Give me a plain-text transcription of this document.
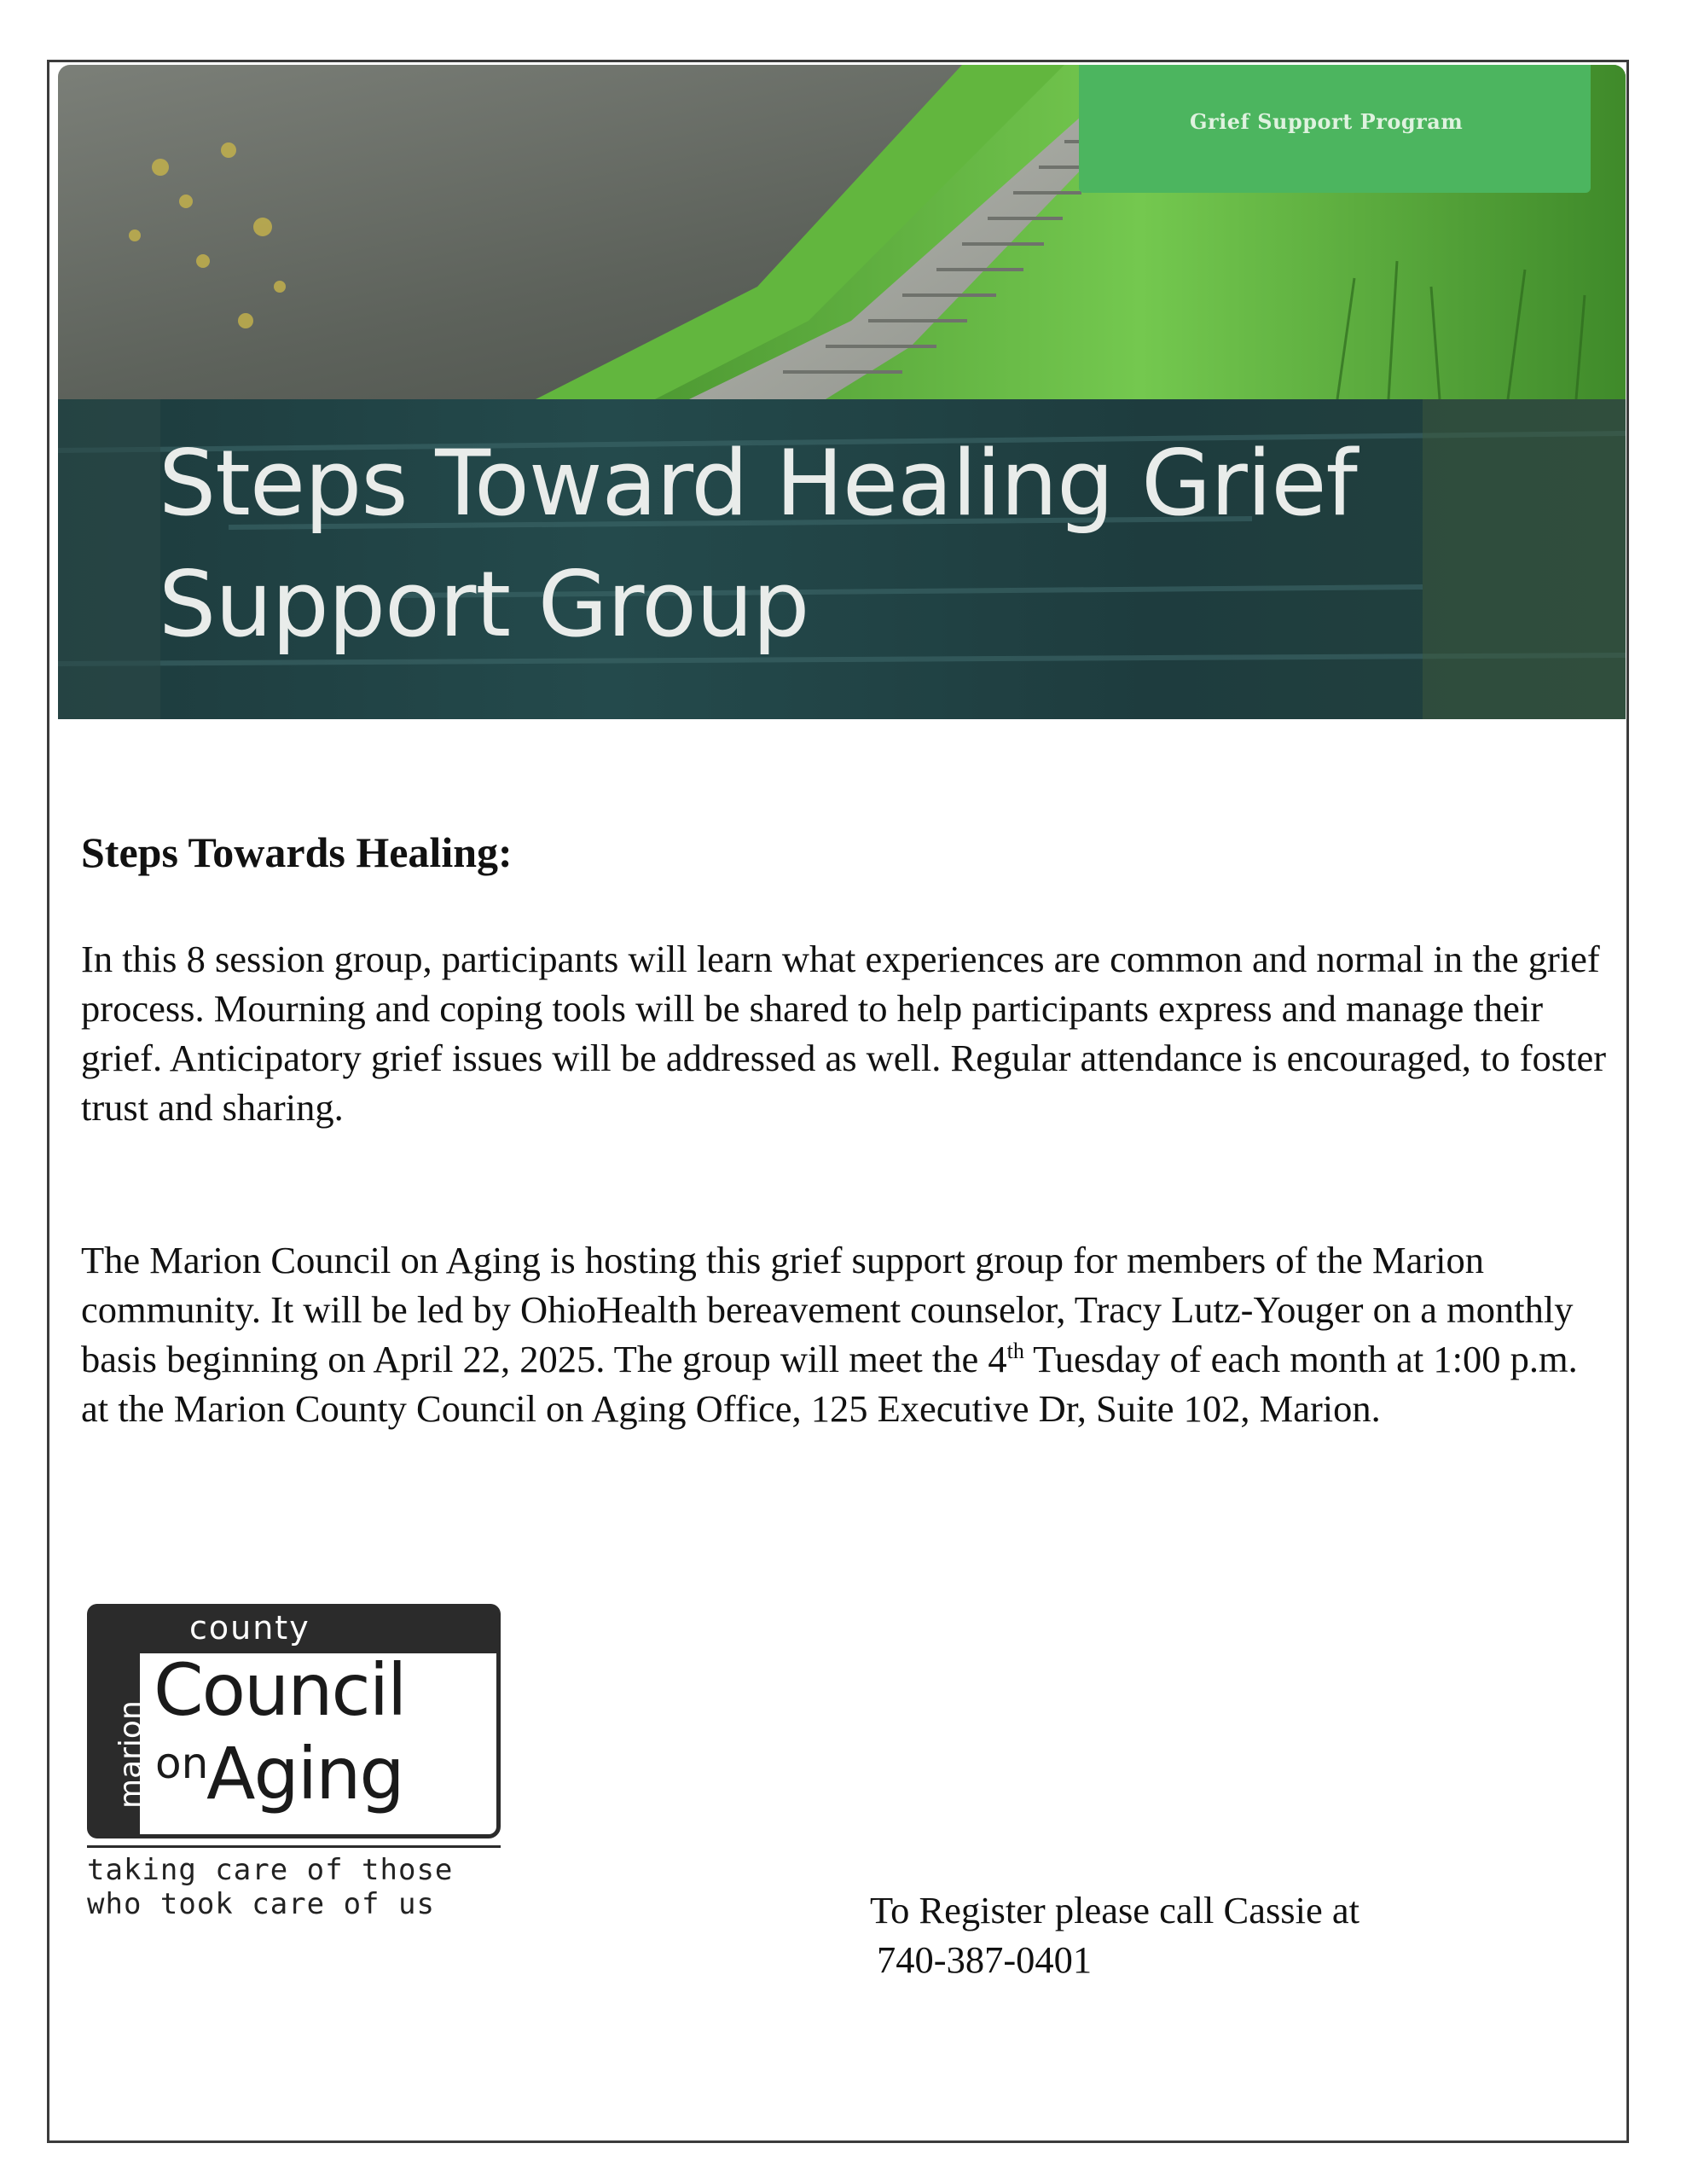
Grief Support Program
Steps Toward Healing Grief
Support Group
Steps Towards Healing:

In this 8 session group, participants will learn what experiences are common and normal in the grief process. Mourning and coping tools will be shared to help participants express and manage their grief. Anticipatory grief issues will be addressed as well. Regular attendance is encouraged, to foster trust and sharing.

The Marion Council on Aging is hosting this grief support group for members of the Marion community. It will be led by OhioHealth bereavement counselor, Tracy Lutz-Youger on a monthly basis beginning on April 22, 2025. The group will meet the 4th Tuesday of each month at 1:00 p.m. at the Marion County Council on Aging Office, 125 Executive Dr, Suite 102, Marion.

marion
county
Council
on
Aging
taking care of those
who took care of us	To Register please call Cassie at
740-387-0401
